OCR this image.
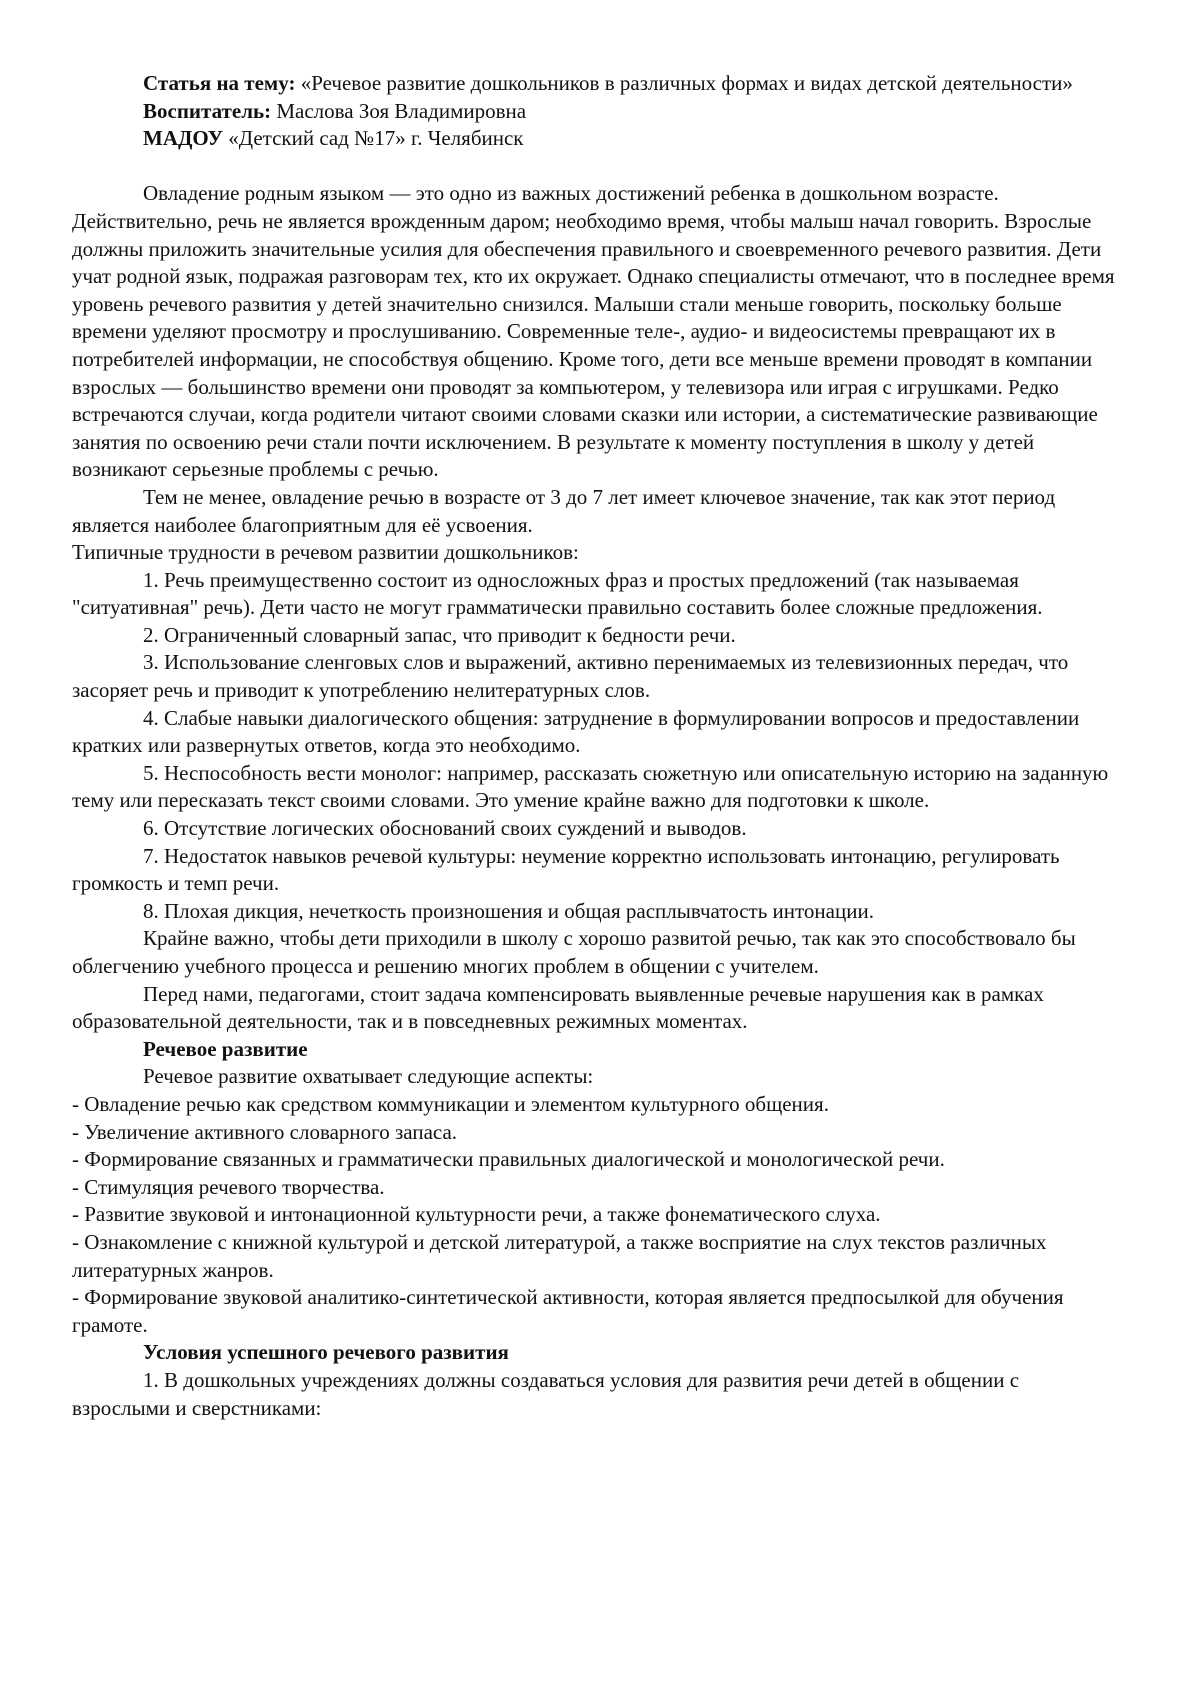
Статья на тему: «Речевое развитие дошкольников в различных формах и видах детской деятельности»

Воспитатель: Маслова Зоя Владимировна

МАДОУ «Детский сад №17» г. Челябинск

Овладение родным языком — это одно из важных достижений ребенка в дошкольном возрасте. Действительно, речь не является врожденным даром; необходимо время, чтобы малыш начал говорить. Взрослые должны приложить значительные усилия для обеспечения правильного и своевременного речевого развития. Дети учат родной язык, подражая разговорам тех, кто их окружает. Однако специалисты отмечают, что в последнее время уровень речевого развития у детей значительно снизился. Малыши стали меньше говорить, поскольку больше времени уделяют просмотру и прослушиванию. Современные теле-, аудио- и видеосистемы превращают их в потребителей информации, не способствуя общению. Кроме того, дети все меньше времени проводят в компании взрослых — большинство времени они проводят за компьютером, у телевизора или играя с игрушками. Редко встречаются случаи, когда родители читают своими словами сказки или истории, а систематические развивающие занятия по освоению речи стали почти исключением. В результате к моменту поступления в школу у детей возникают серьезные проблемы с речью.

Тем не менее, овладение речью в возрасте от 3 до 7 лет имеет ключевое значение, так как этот период является наиболее благоприятным для её усвоения.

Типичные трудности в речевом развитии дошкольников:

1. Речь преимущественно состоит из односложных фраз и простых предложений (так называемая "ситуативная" речь). Дети часто не могут грамматически правильно составить более сложные предложения.

2. Ограниченный словарный запас, что приводит к бедности речи.

3. Использование сленговых слов и выражений, активно перенимаемых из телевизионных передач, что засоряет речь и приводит к употреблению нелитературных слов.

4. Слабые навыки диалогического общения: затруднение в формулировании вопросов и предоставлении кратких или развернутых ответов, когда это необходимо.

5. Неспособность вести монолог: например, рассказать сюжетную или описательную историю на заданную тему или пересказать текст своими словами. Это умение крайне важно для подготовки к школе.

6. Отсутствие логических обоснований своих суждений и выводов.

7. Недостаток навыков речевой культуры: неумение корректно использовать интонацию, регулировать громкость и темп речи.

8. Плохая дикция, нечеткость произношения и общая расплывчатость интонации.

Крайне важно, чтобы дети приходили в школу с хорошо развитой речью, так как это способствовало бы облегчению учебного процесса и решению многих проблем в общении с учителем.

Перед нами, педагогами, стоит задача компенсировать выявленные речевые нарушения как в рамках образовательной деятельности, так и в повседневных режимных моментах.

Речевое развитие

Речевое развитие охватывает следующие аспекты:

- Овладение речью как средством коммуникации и элементом культурного общения.

- Увеличение активного словарного запаса.

- Формирование связанных и грамматически правильных диалогической и монологической речи.

- Стимуляция речевого творчества.

- Развитие звуковой и интонационной культурности речи, а также фонематического слуха.

- Ознакомление с книжной культурой и детской литературой, а также восприятие на слух текстов различных литературных жанров.

- Формирование звуковой аналитико-синтетической активности, которая является предпосылкой для обучения грамоте.

Условия успешного речевого развития

1. В дошкольных учреждениях должны создаваться условия для развития речи детей в общении с взрослыми и сверстниками:
